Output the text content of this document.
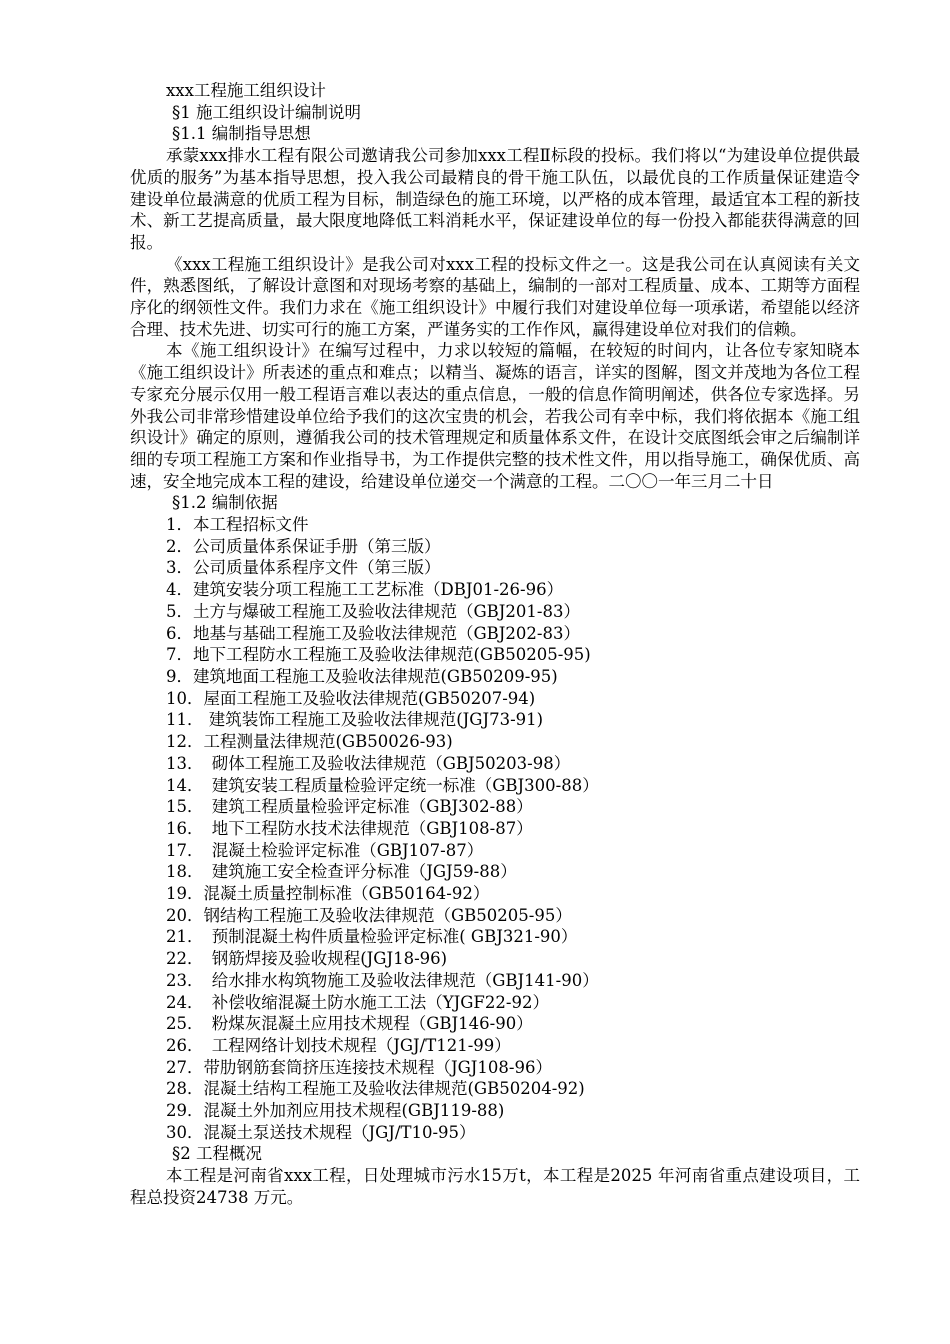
xxx工程施工组织设计
§1 施工组织设计编制说明
§1.1 编制指导思想

承蒙xxx排水工程有限公司邀请我公司参加xxx工程Ⅱ标段的投标。我们将以“为建设单位提供最优质的服务”为基本指导思想，投入我公司最精良的骨干施工队伍，以最优良的工作质量保证建造令建设单位最满意的优质工程为目标，制造绿色的施工环境，以严格的成本管理，最适宜本工程的新技术、新工艺提高质量，最大限度地降低工料消耗水平，保证建设单位的每一份投入都能获得满意的回报。

《xxx工程施工组织设计》是我公司对xxx工程的投标文件之一。这是我公司在认真阅读有关文件，熟悉图纸，了解设计意图和对现场考察的基础上，编制的一部对工程质量、成本、工期等方面程序化的纲领性文件。我们力求在《施工组织设计》中履行我们对建设单位每一项承诺，希望能以经济合理、技术先进、切实可行的施工方案，严谨务实的工作作风，赢得建设单位对我们的信赖。

本《施工组织设计》在编写过程中，力求以较短的篇幅，在较短的时间内，让各位专家知晓本《施工组织设计》所表述的重点和难点；以精当、凝炼的语言，详实的图解，图文并茂地为各位工程专家充分展示仅用一般工程语言难以表达的重点信息，一般的信息作简明阐述，供各位专家选择。另外我公司非常珍惜建设单位给予我们的这次宝贵的机会，若我公司有幸中标，我们将依据本《施工组织设计》确定的原则，遵循我公司的技术管理规定和质量体系文件，在设计交底图纸会审之后编制详细的专项工程施工方案和作业指导书，为工作提供完整的技术性文件，用以指导施工，确保优质、高速，安全地完成本工程的建设，给建设单位递交一个满意的工程。二〇〇一年三月二十日

§1.2 编制依据
1．本工程招标文件
2．公司质量体系保证手册（第三版）
3．公司质量体系程序文件（第三版）
4．建筑安装分项工程施工工艺标准（DBJ01-26-96）
5．土方与爆破工程施工及验收法律规范（GBJ201-83）
6．地基与基础工程施工及验收法律规范（GBJ202-83）
7．地下工程防水工程施工及验收法律规范(GB50205-95)
9．建筑地面工程施工及验收法律规范(GB50209-95)
10．屋面工程施工及验收法律规范(GB50207-94)
11． 建筑装饰工程施工及验收法律规范(JGJ73-91)
12．工程测量法律规范(GB50026-93)
13．　砌体工程施工及验收法律规范（GBJ50203-98）
14．　建筑安装工程质量检验评定统一标准（GBJ300-88）
15．　建筑工程质量检验评定标准（GBJ302-88）
16．　地下工程防水技术法律规范（GBJ108-87）
17．　混凝土检验评定标准（GBJ107-87）
18．　建筑施工安全检查评分标准（JGJ59-88）
19．混凝土质量控制标准（GB50164-92）
20．钢结构工程施工及验收法律规范（GB50205-95）
21．　预制混凝土构件质量检验评定标准( GBJ321-90）
22．　钢筋焊接及验收规程(JGJ18-96)
23．　给水排水构筑物施工及验收法律规范（GBJ141-90）
24．　补偿收缩混凝土防水施工工法（YJGF22-92）
25．　粉煤灰混凝土应用技术规程（GBJ146-90）
26．　工程网络计划技术规程（JGJ/T121-99）
27．带肋钢筋套筒挤压连接技术规程（JGJ108-96）
28．混凝土结构工程施工及验收法律规范(GB50204-92)
29．混凝土外加剂应用技术规程(GBJ119-88)
30．混凝土泵送技术规程（JGJ/T10-95）
§2 工程概况

本工程是河南省xxx工程，日处理城市污水15万t，本工程是2025 年河南省重点建设项目，工程总投资24738 万元。
